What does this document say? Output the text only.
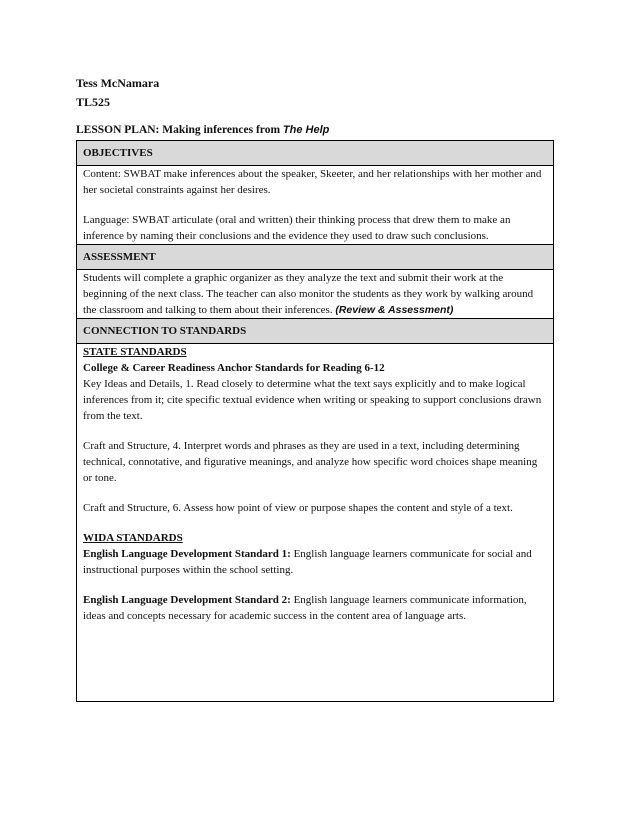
Tess McNamara
TL525
LESSON PLAN: Making inferences from The Help
OBJECTIVES

Content: SWBAT make inferences about the speaker, Skeeter, and her relationships with her mother and her societal constraints against her desires.

Language: SWBAT articulate (oral and written) their thinking process that drew them to make an inference by naming their conclusions and the evidence they used to draw such conclusions.

ASSESSMENT

Students will complete a graphic organizer as they analyze the text and submit their work at the beginning of the next class. The teacher can also monitor the students as they work by walking around the classroom and talking to them about their inferences. (Review & Assessment)

CONNECTION TO STANDARDS

STATE STANDARDS

College & Career Readiness Anchor Standards for Reading 6-12

Key Ideas and Details, 1. Read closely to determine what the text says explicitly and to make logical inferences from it; cite specific textual evidence when writing or speaking to support conclusions drawn from the text.

Craft and Structure, 4. Interpret words and phrases as they are used in a text, including determining technical, connotative, and figurative meanings, and analyze how specific word choices shape meaning or tone.

Craft and Structure, 6. Assess how point of view or purpose shapes the content and style of a text.

WIDA STANDARDS

English Language Development Standard 1: English language learners communicate for social and instructional purposes within the school setting.

English Language Development Standard 2: English language learners communicate information, ideas and concepts necessary for academic success in the content area of language arts.
